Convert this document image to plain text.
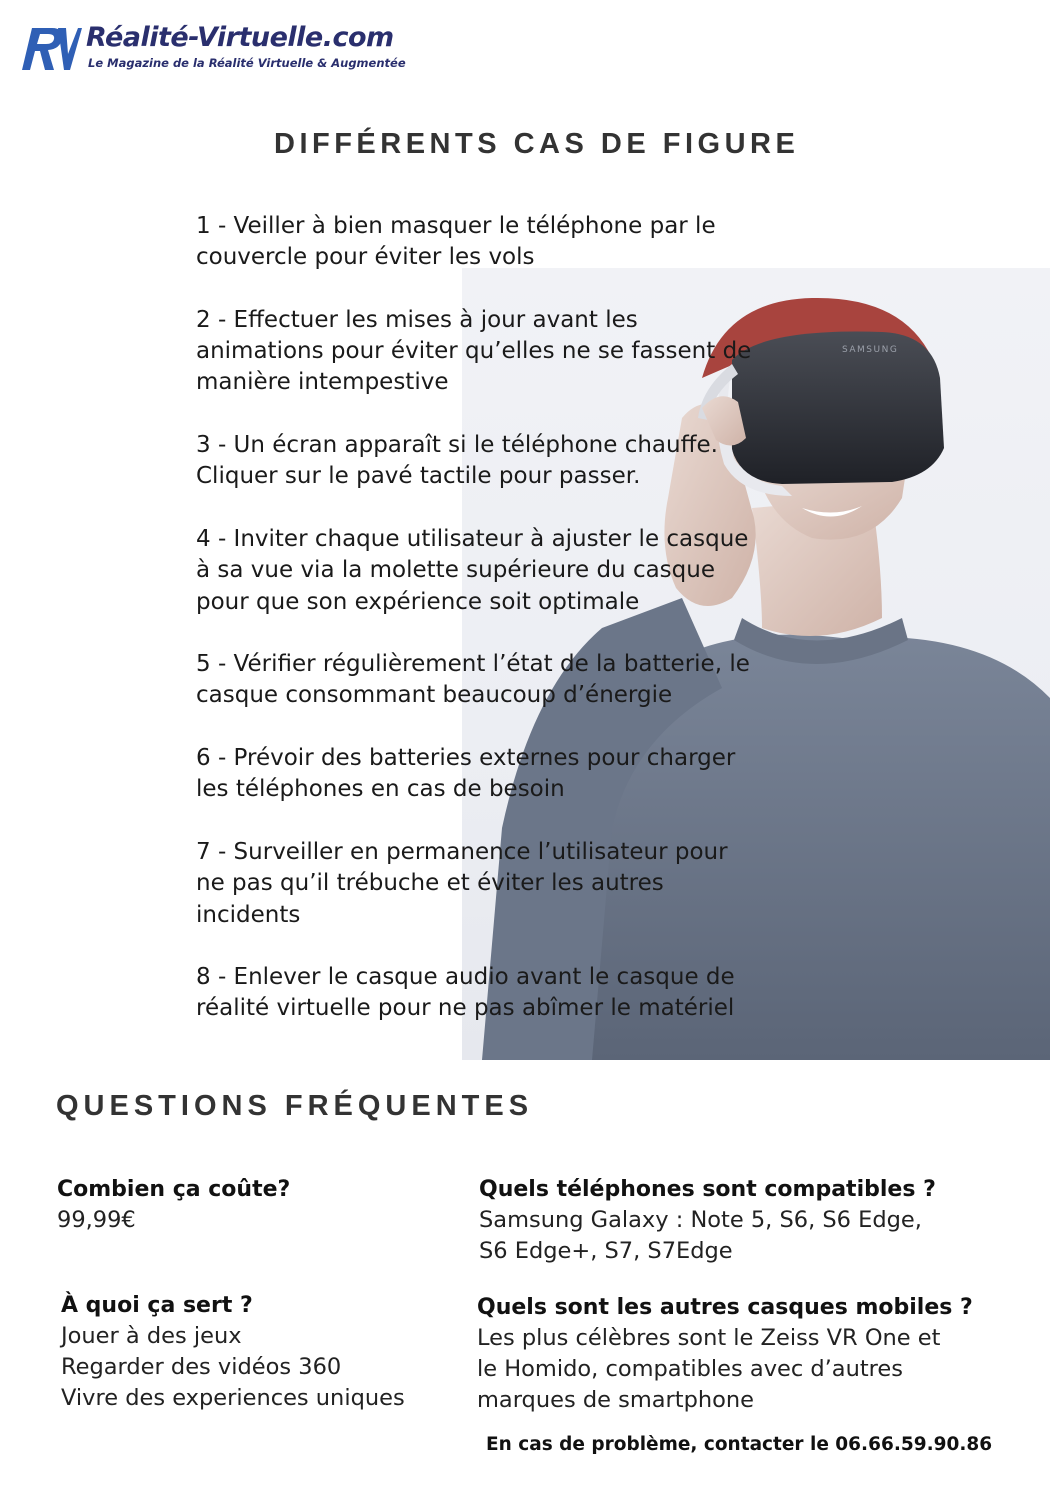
Réalité-Virtuelle.com
Le Magazine de la Réalité Virtuelle & Augmentée
SAMSUNG
DIFFÉRENTS CAS DE FIGURE
1 - Veiller à bien masquer le téléphone par le
couvercle pour éviter les vols
2 - Effectuer les mises à jour avant les
animations pour éviter qu’elles ne se fassent de
manière intempestive
3 - Un écran apparaît si le téléphone chauffe.
Cliquer sur le pavé tactile pour passer.
4 - Inviter chaque utilisateur à ajuster le casque
à sa vue via la molette supérieure du casque
pour que son expérience soit optimale
5 - Vérifier régulièrement l’état de la batterie, le
casque consommant beaucoup d’énergie
6 - Prévoir des batteries externes pour charger
les téléphones en cas de besoin
7 - Surveiller en permanence l’utilisateur pour
ne pas qu’il trébuche et éviter les autres
incidents
8 - Enlever le casque audio avant le casque de
réalité virtuelle pour ne pas abîmer le matériel
QUESTIONS FRÉQUENTES
Combien ça coûte?
99,99€
Quels téléphones sont compatibles ?
Samsung Galaxy : Note 5, S6, S6 Edge,
S6 Edge+, S7, S7Edge
À quoi ça sert ?
Jouer à des jeux
Regarder des vidéos 360
Vivre des experiences uniques
Quels sont les autres casques mobiles ?
Les plus célèbres sont le Zeiss VR One et
le Homido, compatibles avec d’autres
marques de smartphone
En cas de problème, contacter le 06.66.59.90.86
